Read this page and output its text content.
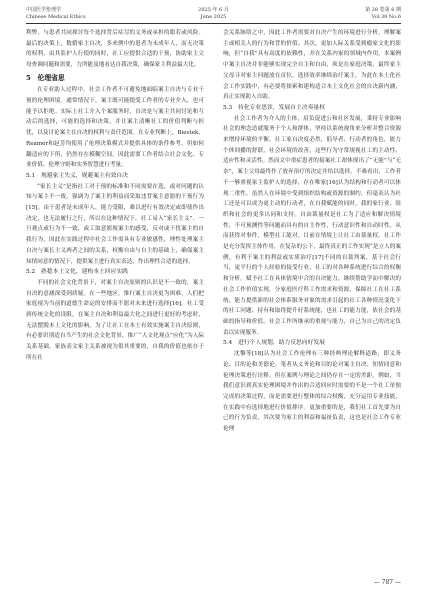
中国医学伦理学
Chinese Medical Ethics
2025 年 6 月
June 2025
第 38 卷第 6 期
Vol.38 No.6

利弊，与患者共同探讨每个选择背后症尽的义务或承担的眼若或风险。最后的决策上，数婚家主自决，多来例中的患者为未成年人，而无决策的权利，由其监护人行使的同时，社工应提供合适的干预，协助家主父母查调问题和需要，力所能及地看达自我决策，确保家主利益最大化。

5　伦理省思

在专业助人过程中，社会工作者不可避免地面临案主自决与专业干预的伦理困境。通常情况下，案主既可能提受工作者的专业介入，也可能予以拒绝。实际上社工介入个案服务时，自决是与案主共同讨论和互动后的选择，可能的选择和决策，并让案主清晰社工的价值判断与担忧，以及讨论案主在自决的权利与责任范围。在专业判断上，Biestek、Reamer和赵芳均使用了伦理决策模式并提供具体的条件参考，但如何翻适应的下所，仍然存在模糊空间，因此需要工作者结合社会文化、专业价值、伦理守则和实务智慧进行考量。

5.1　规避家主失义，规避案主有效自决

“家长主义”是指社工对于预的标准和不同需要在选，或对问题的认知与案主不一致，强调为了案主的利益而采取违背案主意愿的干预行为[15]。由于患者是未成年人，能力受限，难以进行有效决定或即使作出决定，也无法履行之行，所以在这种情况下，社工易入“家长主义”。一旦观点或行为不一致，或工取意愿视案主的感受，反对或干扰案主的自我行为，因此在实践过程中社会工作需具有专业敏感性，理性处理案主自决与案长主义两者之间的关系，权衡自由与自主的基础上，确保案主知情同意的情况下，提供案主进行真实表达，作出理性合适的选择。

5.2　熟稔本土文化，建构本土回应实践

不同的社会文化背景下，对案主自决原则的认识是不一致的，案主自决的意涵深受到质疑。在一些地区，推行案主自决更为困难，人们把家庭视为当前的道德生命运的安排而不愿对未来进行选择[16]。社工受到传统文化的设限，在案主自决和利益最大化之间进行更好的考虑时，无法摆脱本土文化的影响。为了让社工在本土有效实施案主自决原则，有必要识别适自当产生的社会文化背景，推广“人文化观点”应化“为人际关系基础，家族表文家主关系被视为很其重要的，自我的价值也依存于所在社

会关系脉络之中，因此工作者需要对自决产生的环境进行分析，理解案主或相关人的行为和背的价值；其次，更加人际关系受到瘾家文化的影响，但“自我”具有高度的依赖性，并在关系内家的领域内作用，本案例中案主自决并非能够实现完全自主和自由，须是在家庭决策，最终家主父母寻对家主问题放在首位，选择效率继续治疗案主。为此在本土化社会工作实践中，有必要将探索和建构适合本土文化社会的自决新内涵，真正实现助人自助。

5.3　持化专业思诊，发展自主决奏量权

社会工作者为介入的主体，肩负促进公和社区发展，秉持专业影响社会的理念造就服务于个人和群体，坚持以系统视角来分析并整合资源来增持环境的平衡。社工家自决度必然，倡导者、行动者的角色，能力个体间播的舒联，社会环境的改善，这些行为守常规视社工的主动性、适应性和灵活性。然而文中重症患者的接案社工却体现出了“无能”与“无奈”，案主父母最终作了放弃治疗的决定并给以选择。不难看出，工作者不一够重视家主监护人的选择，存在唯家[16]认为结构和行动者可以体现二重性，虽然人在环境中受到组织结构或资源的制约，但毫表认为社工还是可以成为更主动的行动者，在自我赋能的同时，我的家行业、组织和社会的更多认同和支持。自由裁量权是社工为了适应和解决情境性、不可预测性等问题而具有的自主作性，行动意识性和自动时性、从而获得对事件、模型社工能对。目前在情境上让社工由裁量权，社工作是充分发挥主体作用，在复杂的公下，最终真正的工作实现“是立人的案例，有利于案主的利益或实质治疗[17]不同的自裁判案，基于社会行当，更平行的个人经验的接受行业，社工的对各种系统进行综合的权衡和分析，赋予社工在具体情境中合的自决能力，继续帮助学而中解决的社会工作价值实现，分家庭医疗科工作需求和资源，保障社工在社工系统、能力提供新的社会体系服务对象的需求引起的社工各种情况变化下的社工问题、持有和取得提升好系统能，也社工的能力能，依社会的基础的指导和价值。社会工作所继承的重视与能力，自己为自己的决定负责以实现服务。

5.4　进行个人规划，助力反思向好发展

沈黎等[18]认为社会工作伦理有三种经典理论解释道路，即义务论、目的论和美德论。笔者从义务论和目的论对案主自决、知情同意和伦理决策进行诠释。但在案例与理论之间仍存在一定的差距。例如，当我们意识到真实伦理困境并作出的合适回应时需要的不是一个社工单独完成的决策过程，而是需要进行整体的综合权衡，充分运用专业技能，在实践中有选择地进行价值排序。更加重要的是，我们社工首先要为自己的行为负责，其次要为家主的利益和福祉负责，这也是社会工作专业伦理

— 787 —
